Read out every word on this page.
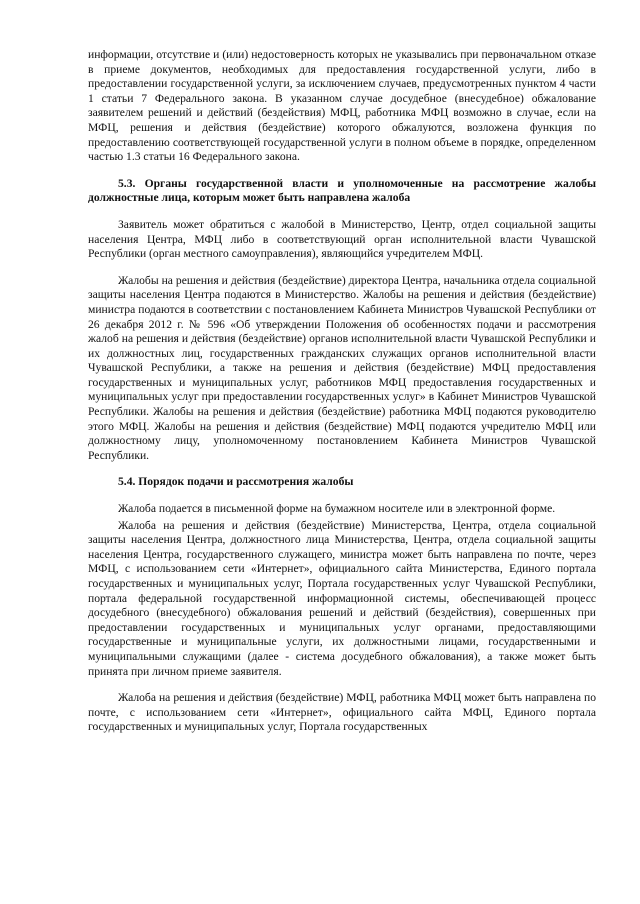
информации, отсутствие и (или) недостоверность которых не указывались при первоначальном отказе в приеме документов, необходимых для предоставления государственной услуги, либо в предоставлении государственной услуги, за исключением случаев, предусмотренных пунктом 4 части 1 статьи 7 Федерального закона. В указанном случае досудебное (внесудебное) обжалование заявителем решений и действий (бездействия) МФЦ, работника МФЦ возможно в случае, если на МФЦ, решения и действия (бездействие) которого обжалуются, возложена функция по предоставлению соответствующей государственной услуги в полном объеме в порядке, определенном частью 1.3 статьи 16 Федерального закона.

5.3. Органы государственной власти и уполномоченные на рассмотрение жалобы должностные лица, которым может быть направлена жалоба

Заявитель может обратиться с жалобой в Министерство, Центр, отдел социальной защиты населения Центра, МФЦ либо в соответствующий орган исполнительной власти Чувашской Республики (орган местного самоуправления), являющийся учредителем МФЦ.

Жалобы на решения и действия (бездействие) директора Центра, начальника отдела социальной защиты населения Центра подаются в Министерство. Жалобы на решения и действия (бездействие) министра подаются в соответствии с постановлением Кабинета Министров Чувашской Республики от 26 декабря 2012 г. № 596 «Об утверждении Положения об особенностях подачи и рассмотрения жалоб на решения и действия (бездействие) органов исполнительной власти Чувашской Республики и их должностных лиц, государственных гражданских служащих органов исполнительной власти Чувашской Республики, а также на решения и действия (бездействие) МФЦ предоставления государственных и муниципальных услуг, работников МФЦ предоставления государственных и муниципальных услуг при предоставлении государственных услуг» в Кабинет Министров Чувашской Республики. Жалобы на решения и действия (бездействие) работника МФЦ подаются руководителю этого МФЦ. Жалобы на решения и действия (бездействие) МФЦ подаются учредителю МФЦ или должностному лицу, уполномоченному постановлением Кабинета Министров Чувашской Республики.

5.4. Порядок подачи и рассмотрения жалобы

Жалоба подается в письменной форме на бумажном носителе или в электронной форме.

Жалоба на решения и действия (бездействие) Министерства, Центра, отдела социальной защиты населения Центра, должностного лица Министерства, Центра, отдела социальной защиты населения Центра, государственного служащего, министра может быть направлена по почте, через МФЦ, с использованием сети «Интернет», официального сайта Министерства, Единого портала государственных и муниципальных услуг, Портала государственных услуг Чувашской Республики, портала федеральной государственной информационной системы, обеспечивающей процесс досудебного (внесудебного) обжалования решений и действий (бездействия), совершенных при предоставлении государственных и муниципальных услуг органами, предоставляющими государственные и муниципальные услуги, их должностными лицами, государственными и муниципальными служащими (далее - система досудебного обжалования), а также может быть принята при личном приеме заявителя.

Жалоба на решения и действия (бездействие) МФЦ, работника МФЦ может быть направлена по почте, с использованием сети «Интернет», официального сайта МФЦ, Единого портала государственных и муниципальных услуг, Портала государственных
